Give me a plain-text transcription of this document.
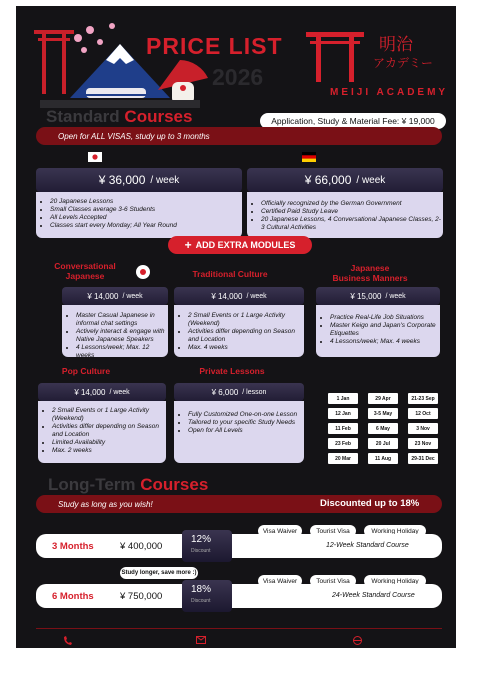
PRICE LIST
2026
明治
アカデミー
MEIJI ACADEMY
Standard Courses	Application, Study & Material Fee: ¥ 19,000
Open for ALL VISAS, study up to 3 months
¥ 36,000 / week
• 20 Japanese Lessons
• Small Classes average 3-6 Students
• All Levels Accepted
• Classes start every Monday; All Year Round
¥ 66,000 / week
• Officially recognized by the German Government
• Certified Paid Study Leave
• 20 Japanese Lessons, 4 Conversational Japanese Classes, 2-3 Cultural Activities
+ ADD EXTRA MODULES
Conversational
Japanese
¥ 14,000 / week
• Master Casual Japanese in informal chat settings
• Actively interact & engage with Native Japanese Speakers
• 4 Lessons/week; Max. 12 weeks
Traditional Culture
¥ 14,000 / week
• 2 Small Events or 1 Large Activity (Weekend)
• Activities differ depending on Season and Location
• Max. 4 weeks
Japanese
Business Manners
¥ 15,000 / week
• Practice Real-Life Job Situations
• Master Keigo and Japan's Corporate Etiquettes
• 4 Lessons/week; Max. 4 weeks
Pop Culture
¥ 14,000 / week
• 2 Small Events or 1 Large Activity (Weekend)
• Activities differ depending on Season and Location
• Limited Availability
• Max. 2 weeks
Private Lessons
¥ 6,000 / lesson
• Fully Customized One-on-one Lesson
• Tailored to your specific Study Needs
• Open for All Levels
1 Jan	29 Apr	21-23 Sep
12 Jan	3-5 May	12 Oct
11 Feb	6 May	3 Nov
23 Feb	20 Jul	23 Nov
20 Mar	11 Aug	29-31 Dec
Long-Term Courses
Study as long as you wish!	Discounted up to 18%
Visa Waiver	Tourist Visa	Working Holiday
3 Months	¥ 400,000	12-Week Standard Course
12%
Discount
Study longer, save more :)
Visa Waiver	Tourist Visa	Working Holiday
6 Months	¥ 750,000	24-Week Standard Course
18%
Discount
